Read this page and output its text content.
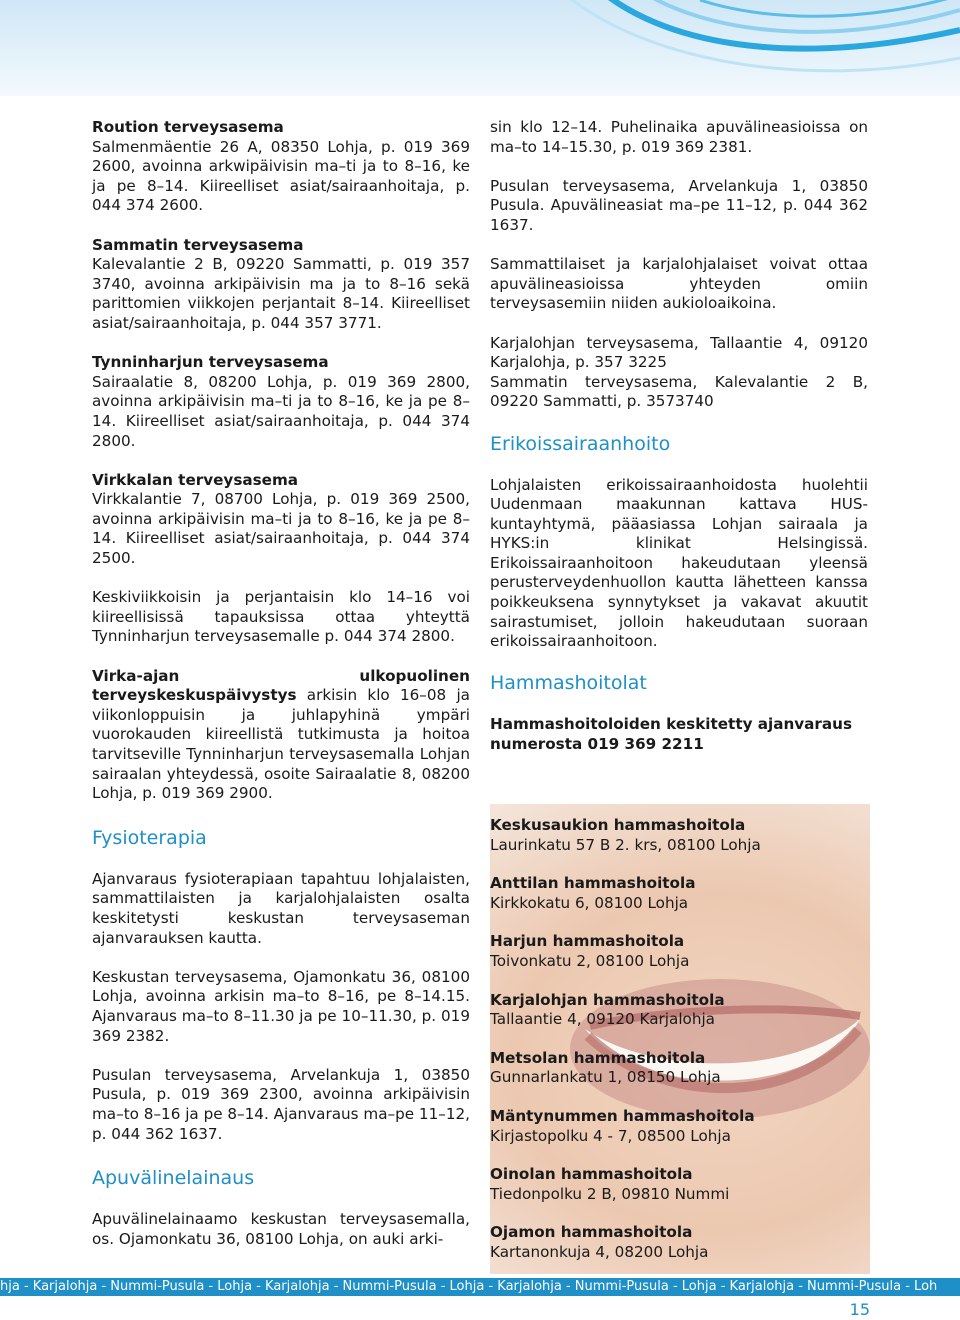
Roution terveysasema

Salmenmäentie 26 A, 08350 Lohja, p. 019 369 2600, avoinna arkwipäivisin ma–ti ja to 8–16, ke ja pe 8–14. Kiireelliset asiat/sairaanhoitaja, p. 044 374 2600.

Sammatin terveysasema

Kalevalantie 2 B, 09220 Sammatti, p. 019 357 3740, avoinna arkipäivisin ma ja to 8–16 sekä parittomien viikkojen perjantait 8–14. Kiireelliset asiat/sairaanhoitaja, p. 044 357 3771.

Tynninharjun terveysasema

Sairaalatie 8, 08200 Lohja, p. 019 369 2800, avoinna arkipäivisin ma–ti ja to 8–16, ke ja pe 8–14. Kiireelliset asiat/sairaanhoitaja, p. 044 374 2800.

Virkkalan terveysasema

Virkkalantie 7, 08700 Lohja, p. 019 369 2500, avoinna arkipäivisin ma–ti ja to 8–16, ke ja pe 8–14. Kiireelliset asiat/sairaanhoitaja, p. 044 374 2500.

Keskiviikkoisin ja perjantaisin klo 14–16 voi kiireellisissä tapauksissa ottaa yhteyttä Tynninharjun terveysasemalle p. 044 374 2800.

Virka-ajan ulkopuolinen terveyskeskuspäivystys arkisin klo 16–08 ja viikonloppuisin ja juhlapyhinä ympäri vuorokauden kiireellistä tutkimusta ja hoitoa tarvitseville Tynninharjun terveysasemalla Lohjan sairaalan yhteydessä, osoite Sairaalatie 8, 08200 Lohja, p. 019 369 2900.

Fysioterapia

Ajanvaraus fysioterapiaan tapahtuu lohjalaisten, sammattilaisten ja karjalohjalaisten osalta keskitetysti keskustan terveysaseman ajanvarauksen kautta.

Keskustan terveysasema, Ojamonkatu 36, 08100 Lohja, avoinna arkisin ma–to 8–16, pe 8–14.15. Ajanvaraus ma–to 8–11.30 ja pe 10–11.30, p. 019 369 2382.

Pusulan terveysasema, Arvelankuja 1, 03850 Pusula, p. 019 369 2300, avoinna arkipäivisin ma–to 8–16 ja pe 8–14. Ajanvaraus ma–pe 11–12, p. 044 362 1637.

Apuvälinelainaus

Apuvälinelainaamo keskustan terveysasemalla, os. Ojamonkatu 36, 08100 Lohja, on auki arki-

sin klo 12–14. Puhelinaika apuvälineasioissa on ma–to 14–15.30, p. 019 369 2381.

Pusulan terveysasema, Arvelankuja 1, 03850 Pusula. Apuvälineasiat ma–pe 11–12, p. 044 362 1637.

Sammattilaiset ja karjalohjalaiset voivat ottaa apuvälineasioissa yhteyden omiin terveysasemiin niiden aukioloaikoina.

Karjalohjan terveysasema, Tallaantie 4, 09120 Karjalohja, p. 357 3225
Sammatin terveysasema, Kalevalantie 2 B, 09220 Sammatti, p. 3573740
Erikoissairaanhoito

Lohjalaisten erikoissairaanhoidosta huolehtii Uudenmaan maakunnan kattava HUS-kuntayhtymä, pääasiassa Lohjan sairaala ja HYKS:in klinikat Helsingissä. Erikoissairaanhoitoon hakeudutaan yleensä perusterveydenhuollon kautta lähetteen kanssa poikkeuksena synnytykset ja vakavat akuutit sairastumiset, jolloin hakeudutaan suoraan erikoissairaanhoitoon.

Hammashoitolat
Hammashoitoloiden keskitetty ajanvaraus numerosta 019 369 2211
Keskusaukion hammashoitola
Laurinkatu 57 B 2. krs, 08100 Lohja
Anttilan hammashoitola
Kirkkokatu 6, 08100 Lohja
Harjun hammashoitola
Toivonkatu 2, 08100 Lohja
Karjalohjan hammashoitola
Tallaantie 4, 09120 Karjalohja
Metsolan hammashoitola
Gunnarlankatu 1, 08150 Lohja
Mäntynummen hammashoitola
Kirjastopolku 4 - 7, 08500 Lohja
Oinolan hammashoitola
Tiedonpolku 2 B, 09810 Nummi
Ojamon hammashoitola
Kartanonkuja 4, 08200 Lohja
hja - Karjalohja - Nummi-Pusula - Lohja - Karjalohja - Nummi-Pusula - Lohja - Karjalohja - Nummi-Pusula - Lohja - Karjalohja - Nummi-Pusula - Loh
15
